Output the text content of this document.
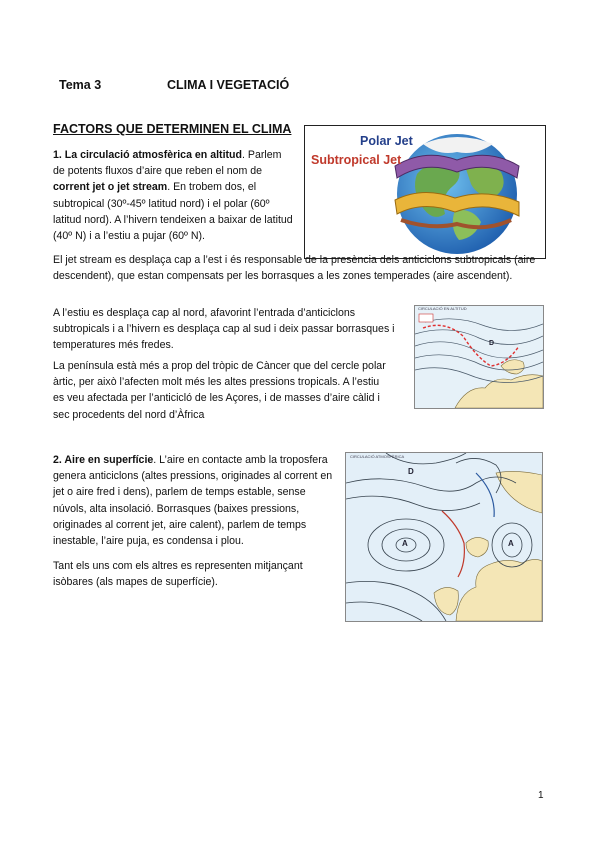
Tema 3	CLIMA I VEGETACIÓ
FACTORS QUE DETERMINEN EL CLIMA

1. La circulació atmosfèrica en altitud. Parlem de potents fluxos d’aire que reben el nom de corrent jet o jet stream. En trobem dos, el subtropical (30º-45º latitud nord) i el polar (60º latitud nord). A l’hivern tendeixen a baixar de latitud (40º N) i a l’estiu a pujar (60º N).

Polar Jet
Subtropical Jet

El jet stream es desplaça cap a l’est i és responsable de la presència dels anticiclons subtropicals (aire descendent), que estan compensats per les borrasques a les zones temperades (aire ascendent).

A l’estiu es desplaça cap al nord, afavorint l’entrada d’anticiclons subtropicals i a l’hivern es desplaça cap al sud i deix passar borrasques i temperatures més fredes.

La península està més a prop del tròpic de Càncer que del cercle polar àrtic, per això l’afecten molt més les altes pressions tropicals. A l’estiu es veu afectada per l’anticicló de les Açores, i de masses d’aire càlid i sec procedents del nord d’Àfrica

CIRCULACIÓ EN ALTITUD
D

2. Aire en superfície. L’aire en contacte amb la troposfera genera anticiclons (altes pressions, originades al corrent en jet o aire fred i dens), parlem de temps estable, sense núvols, alta insolació. Borrasques (baixes pressions, originades al corrent jet, aire calent), parlem de temps inestable, l’aire puja, es condensa i plou.

Tant els uns com els altres es representen mitjançant isòbares (als mapes de superfície).

CIRCULACIÓ ATMOSFÈRICA
A	A
D
1
